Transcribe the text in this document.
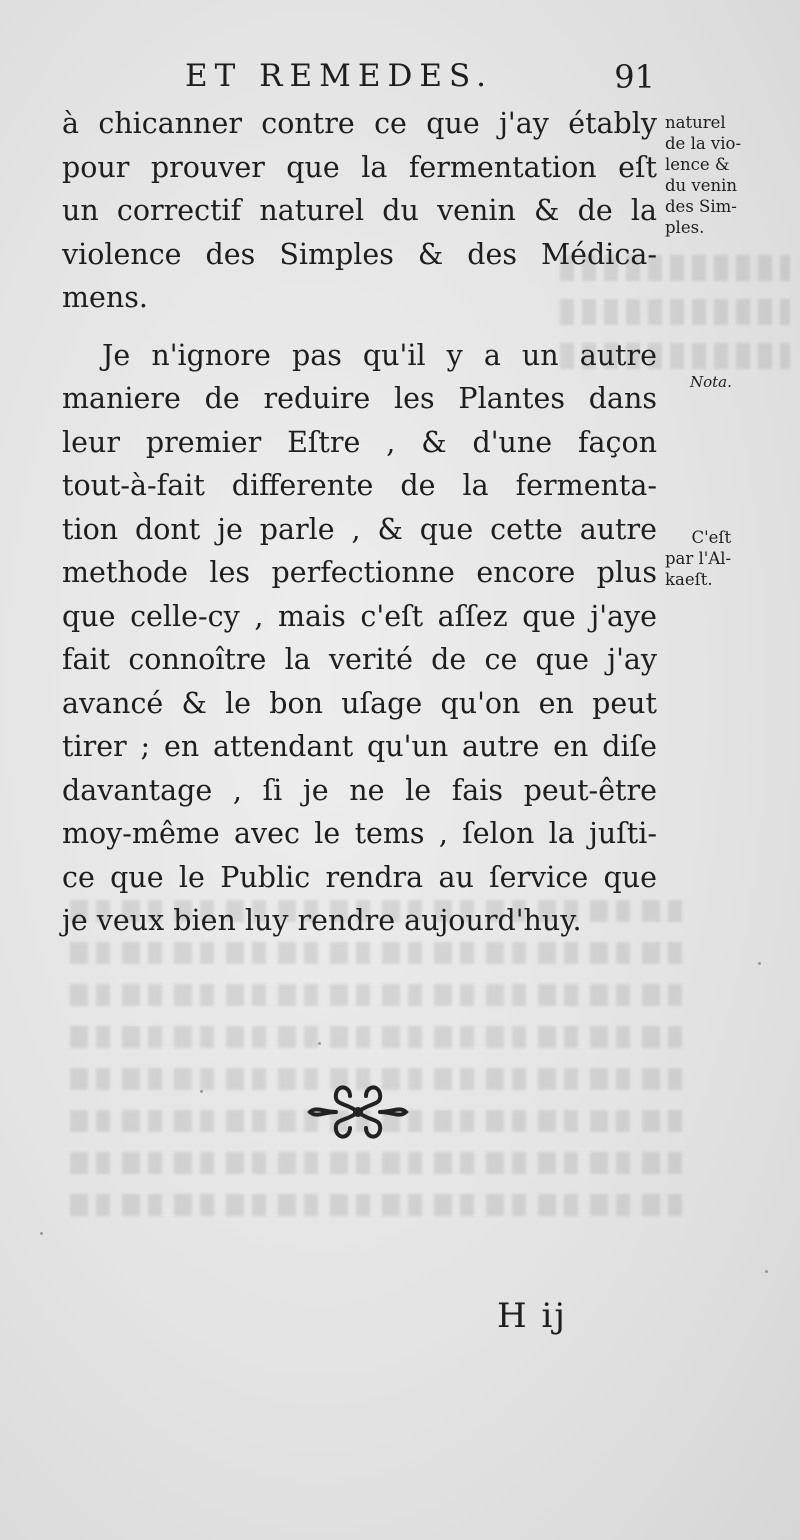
ET REMEDES.	91
à chicanner contre ce que j'ay étably
pour prouver que la fermentation eſt
un correctif naturel du venin & de la
violence des Simples & des Médica-
mens.
Je n'ignore pas qu'il y a un autre
maniere de reduire les Plantes dans
leur premier Eſtre , & d'une façon
tout-à-fait differente de la fermenta-
tion dont je parle , & que cette autre
methode les perfectionne encore plus
que celle-cy , mais c'eſt aſſez que j'aye
fait connoître la verité de ce que j'ay
avancé & le bon uſage qu'on en peut
tirer ; en attendant qu'un autre en diſe
davantage , ſi je ne le fais peut-être
moy-même avec le tems , ſelon la juſti-
ce que le Public rendra au ſervice que
je veux bien luy rendre aujourd'huy.
naturel
de la vio-
lence &
du venin
des Sim-
ples.
Nota.
C'eſt
par l'Al-
kaeſt.
H ij
